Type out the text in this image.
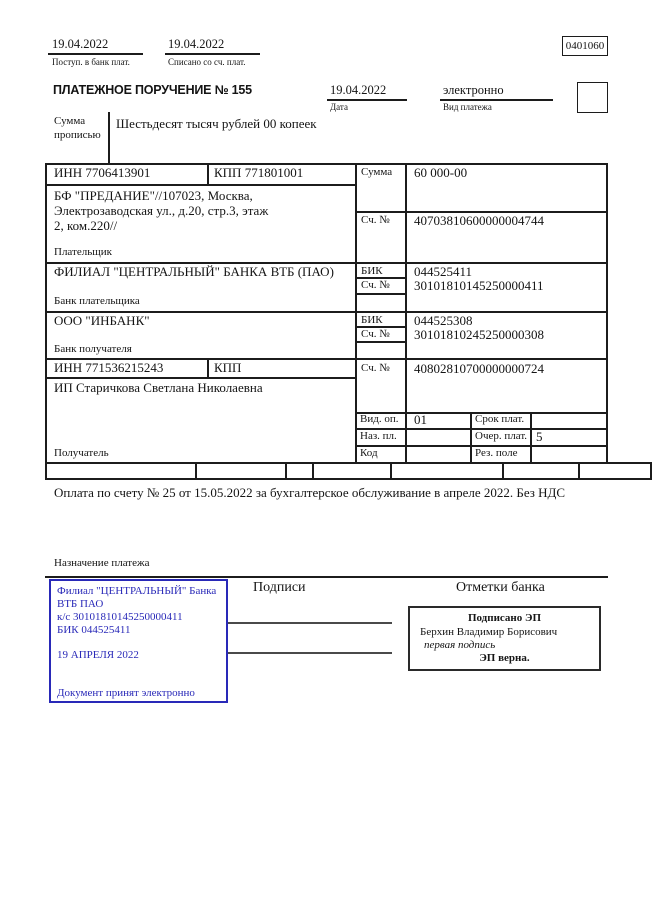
19.04.2022
Поступ. в банк плат.
19.04.2022
Списано со сч. плат.
0401060
ПЛАТЕЖНОЕ ПОРУЧЕНИЕ № 155	19.04.2022
Дата
электронно
Вид платежа
Сумма
прописью
Шестьдесят тысяч рублей 00 копеек
ИНН 7706413901	КПП 771801001	Сумма 60 000-00
БФ "ПРЕДАНИЕ"//107023, Москва,
Электрозаводская ул., д.20, стр.3, этаж
2, ком.220//	Сч. № 40703810600000004744
Плательщик
ФИЛИАЛ "ЦЕНТРАЛЬНЫЙ" БАНКА ВТБ (ПАО) БИК 044525411
Сч. № 30101810145250000411
Банк плательщика
ООО "ИНБАНК"	БИК 044525308
Сч. № 30101810245250000308
Банк получателя
ИНН 771536215243	КПП	Сч. № 40802810700000000724
ИП Старичкова Светлана Николаевна
Получатель
Вид. оп. 01	Срок плат.
Наз. пл.	Очер. плат. 5
Код	Рез. поле
Оплата по счету № 25 от 15.05.2022 за бухгалтерское обслуживание в апреле 2022. Без НДС
Назначение платежа
Филиал "ЦЕНТРАЛЬНЫЙ" Банка
ВТБ ПАО
к/с 30101810145250000411
БИК 044525411
19 АПРЕЛЯ 2022
Документ принят электронно
Подписи	Отметки банка
Подписано ЭП
Берхин Владимир Борисович
первая подпись
ЭП верна.
